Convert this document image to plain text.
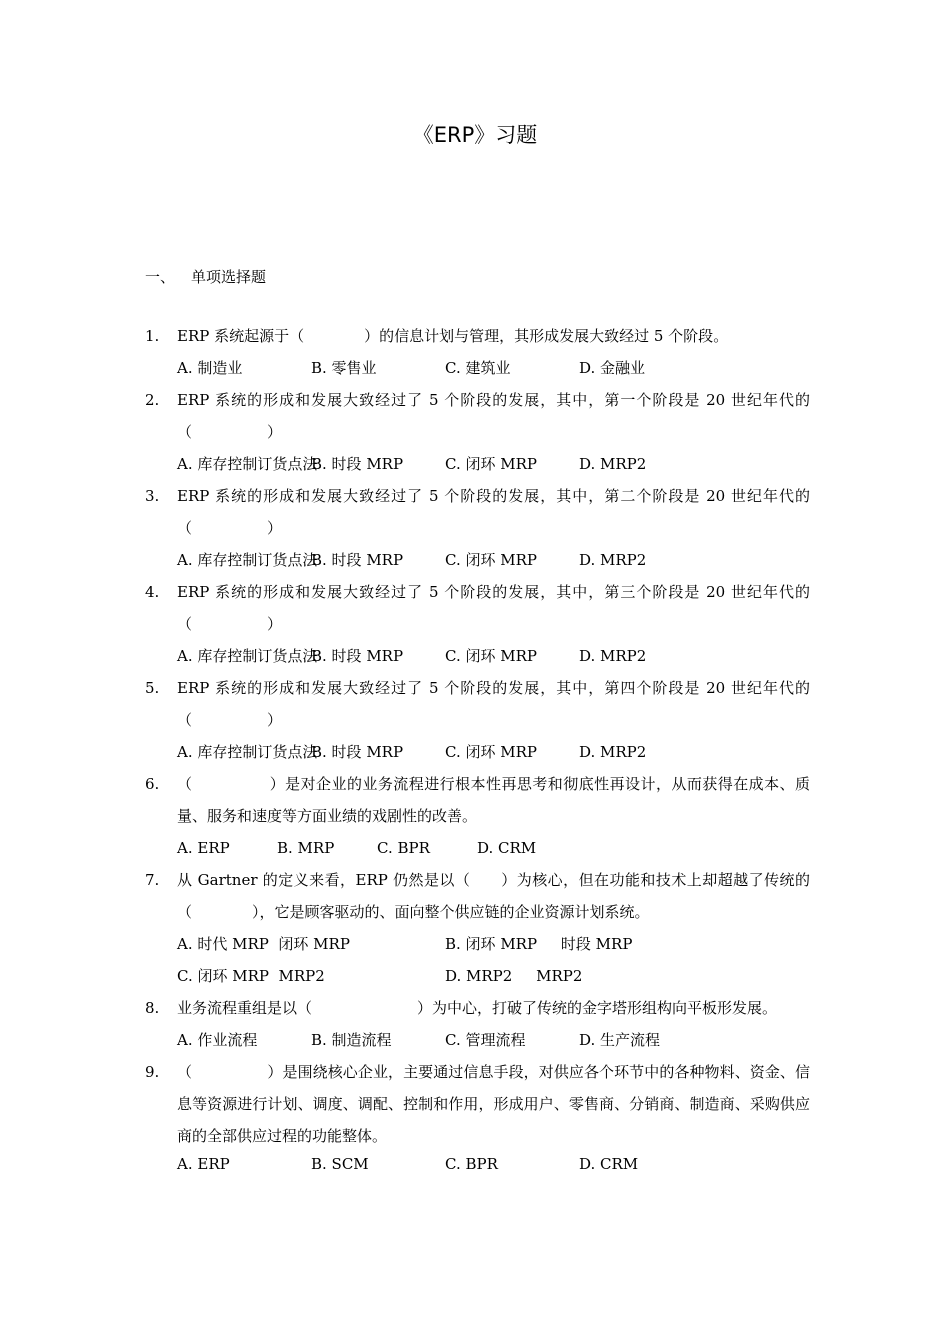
《ERP》习题
一、 单项选择题
1.	ERP 系统起源于（　　　　）的信息计划与管理，其形成发展大致经过 5 个阶段。
A. 制造业	B. 零售业	C. 建筑业	D. 金融业
2.	ERP 系统的形成和发展大致经过了 5 个阶段的发展，其中，第一个阶段是 20 世纪年代的（　　　　　）
A. 库存控制订货点法
B. 时段 MRP	C. 闭环 MRP	D. MRP2
3.	ERP 系统的形成和发展大致经过了 5 个阶段的发展，其中，第二个阶段是 20 世纪年代的（　　　　　）
A. 库存控制订货点法
B. 时段 MRP	C. 闭环 MRP	D. MRP2
4.	ERP 系统的形成和发展大致经过了 5 个阶段的发展，其中，第三个阶段是 20 世纪年代的（　　　　　）
A. 库存控制订货点法
B. 时段 MRP	C. 闭环 MRP	D. MRP2
5.	ERP 系统的形成和发展大致经过了 5 个阶段的发展，其中，第四个阶段是 20 世纪年代的（　　　　　）
A. 库存控制订货点法
B. 时段 MRP	C. 闭环 MRP	D. MRP2
6.	（　　　　　）是对企业的业务流程进行根本性再思考和彻底性再设计，从而获得在成本、质量、服务和速度等方面业绩的戏剧性的改善。
A. ERP	B. MRP	C. BPR	D. CRM
7.	从 Gartner 的定义来看，ERP 仍然是以（　　）为核心，但在功能和技术上却超越了传统的（　　　　），它是顾客驱动的、面向整个供应链的企业资源计划系统。
A. 时代 MRP  闭环 MRP	B. 闭环 MRP     时段 MRP
C. 闭环 MRP  MRP2	D. MRP2     MRP2
8.	业务流程重组是以（　　　　　　　）为中心，打破了传统的金字塔形组构向平板形发展。
A. 作业流程	B. 制造流程	C. 管理流程	D. 生产流程
9.	（　　　　　）是围绕核心企业，主要通过信息手段，对供应各个环节中的各种物料、资金、信息等资源进行计划、调度、调配、控制和作用，形成用户、零售商、分销商、制造商、采购供应商的全部供应过程的功能整体。
A. ERP	B. SCM	C. BPR	D. CRM
